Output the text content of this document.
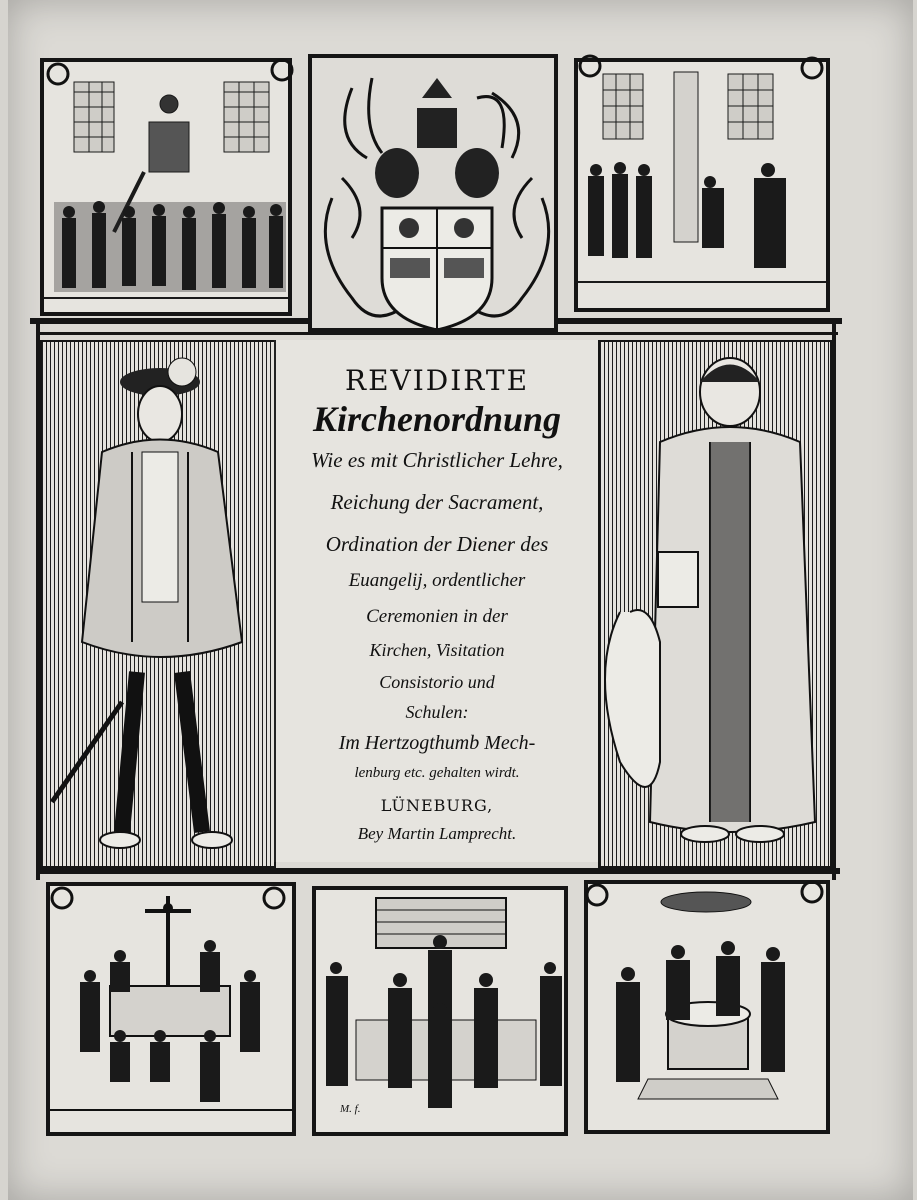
REVIDIRTE
Kirchenordnung
Wie es mit Christlicher Lehre,
Reichung der Sacrament,
Ordination der Diener des
Euangelij, ordentlicher
Ceremonien in der
Kirchen, Visitation
Consistorio und
Schulen:
Im Hertzogthumb Mech-
lenburg etc. gehalten wirdt.
LÜNEBURG,
Bey Martin Lamprecht.
M. f.
